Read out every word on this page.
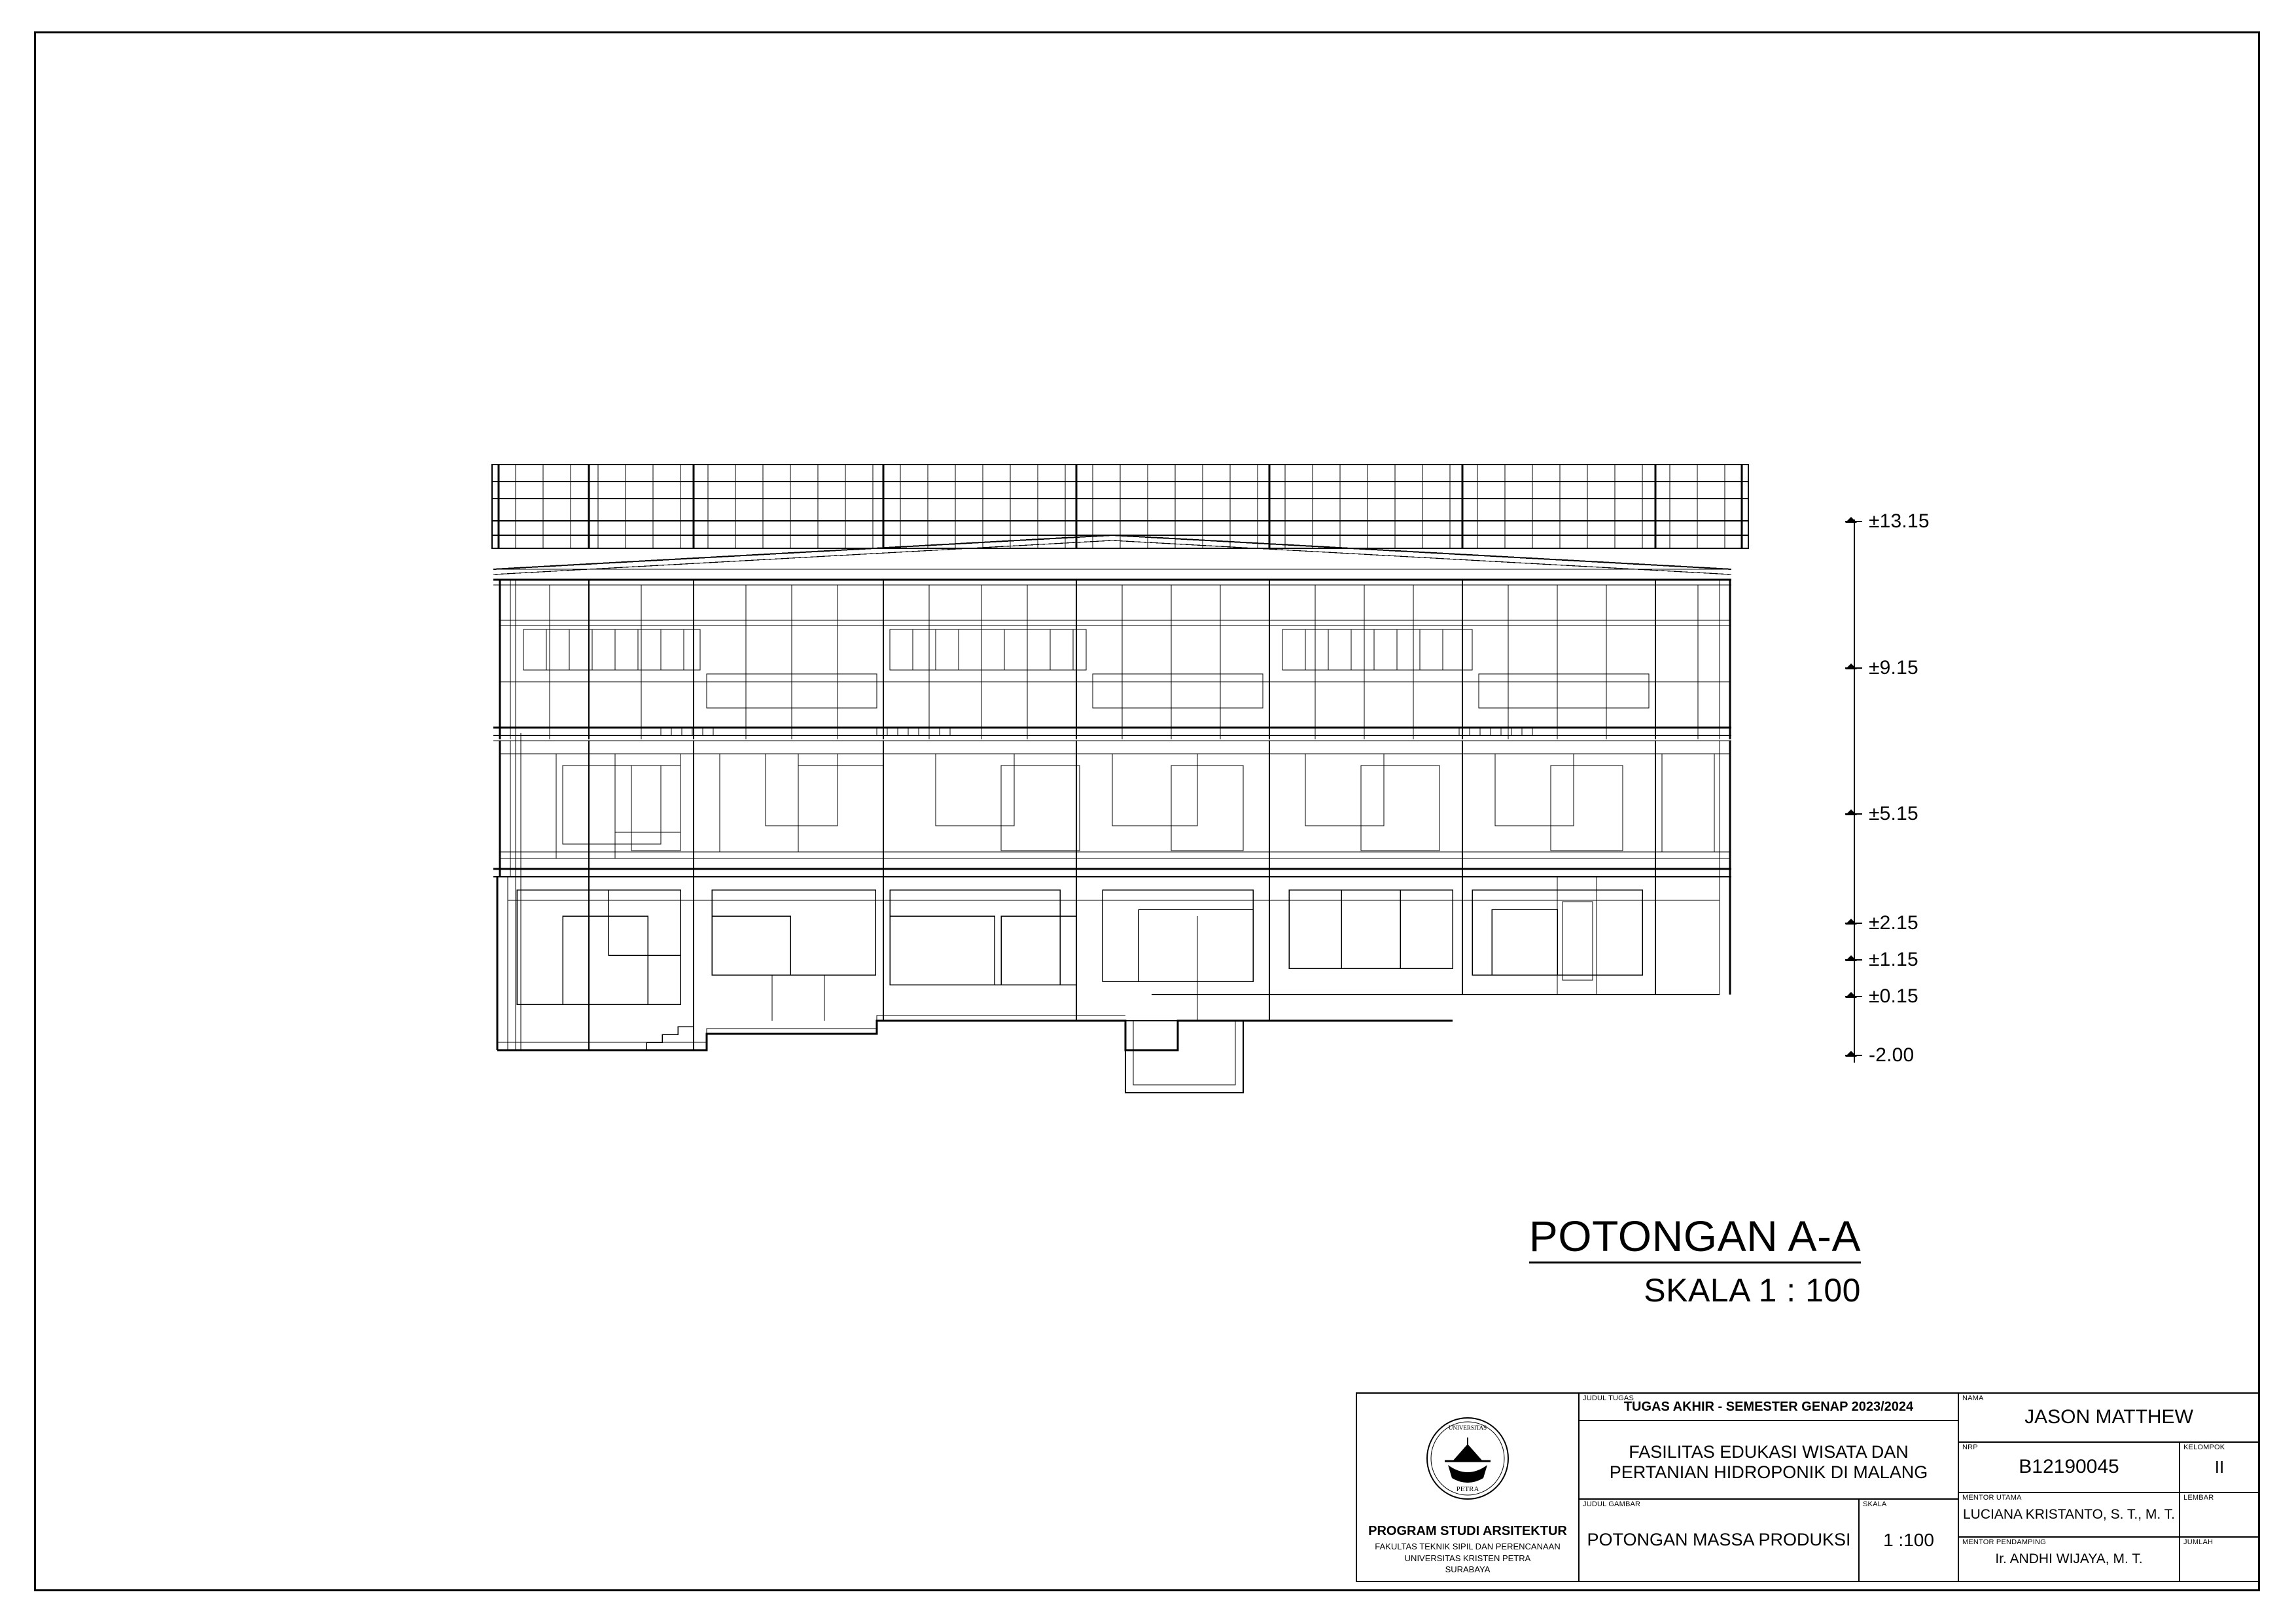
±13.15
±9.15
±5.15
±2.15
±1.15
±0.15
-2.00
POTONGAN A-A
SKALA 1 : 100
UNIVERSITAS
PETRA
PROGRAM STUDI ARSITEKTUR
FAKULTAS TEKNIK SIPIL DAN PERENCANAAN
UNIVERSITAS KRISTEN PETRA
SURABAYA
TUGAS AKHIR - SEMESTER GENAP 2023/2024
JUDUL TUGAS
FASILITAS EDUKASI WISATA DAN
PERTANIAN HIDROPONIK DI MALANG
JUDUL GAMBAR
POTONGAN MASSA PRODUKSI
SKALA
1 :100
NAMA
JASON MATTHEW
NRP
B12190045
KELOMPOK
II
MENTOR UTAMA
LUCIANA KRISTANTO, S. T., M. T.
LEMBAR
MENTOR PENDAMPING
Ir. ANDHI WIJAYA, M. T.
JUMLAH
